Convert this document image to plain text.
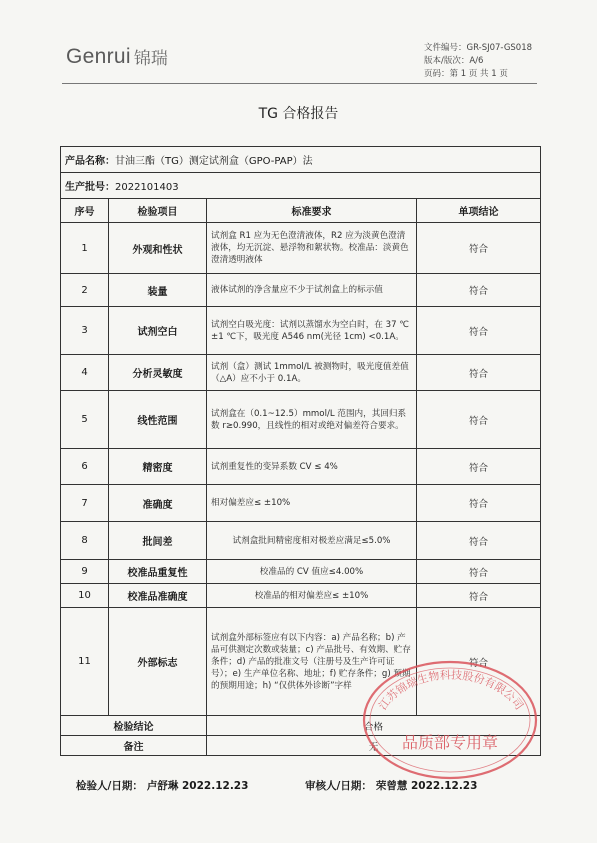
Genrui 锦瑞
文件编号：GR-SJ07-GS018
版本/版次：A/6
页码：第 1 页 共 1 页
TG 合格报告
产品名称：甘油三酯（TG）测定试剂盒（GPO-PAP）法			
生产批号：2022101403			
序号	检验项目	标准要求	单项结论
1	外观和性状	试剂盒 R1 应为无色澄清液体，R2 应为淡黄色澄清液体，均无沉淀、悬浮物和絮状物。校准品：淡黄色澄清透明液体	符合
2	装量	液体试剂的净含量应不少于试剂盒上的标示值	符合
3	试剂空白	试剂空白吸光度：试剂以蒸馏水为空白时，在 37 ℃±1 ℃下，吸光度 A546 nm(光径 1cm) <0.1A。	符合
4	分析灵敏度	试剂（盒）测试 1mmol/L 被测物时，吸光度值差值（△A）应不小于 0.1A。	符合
5	线性范围	试剂盒在（0.1~12.5）mmol/L 范围内，其回归系数 r≥0.990，且线性的相对或绝对偏差符合要求。	符合
6	精密度	试剂重复性的变异系数 CV ≤ 4%	符合
7	准确度	相对偏差应≤ ±10%	符合
8	批间差	试剂盒批间精密度相对极差应满足≤5.0%	符合
9	校准品重复性	校准品的 CV 值应≤4.00%	符合
10	校准品准确度	校准品的相对偏差应≤ ±10%	符合
11	外部标志	试剂盒外部标签应有以下内容：a) 产品名称；b) 产品可供测定次数或装量；c) 产品批号、有效期、贮存条件；d) 产品的批准文号（注册号及生产许可证号）；e) 生产单位名称、地址；f) 贮存条件；g) 预期的预期用途；h) “仅供体外诊断”字样	符合
检验结论		合格	
备注		无	
检验人/日期： 卢舒琳 2022.12.23	审核人/日期： 荣曾慧 2022.12.23
江苏锦瑞生物科技股份有限公司
品质部专用章
